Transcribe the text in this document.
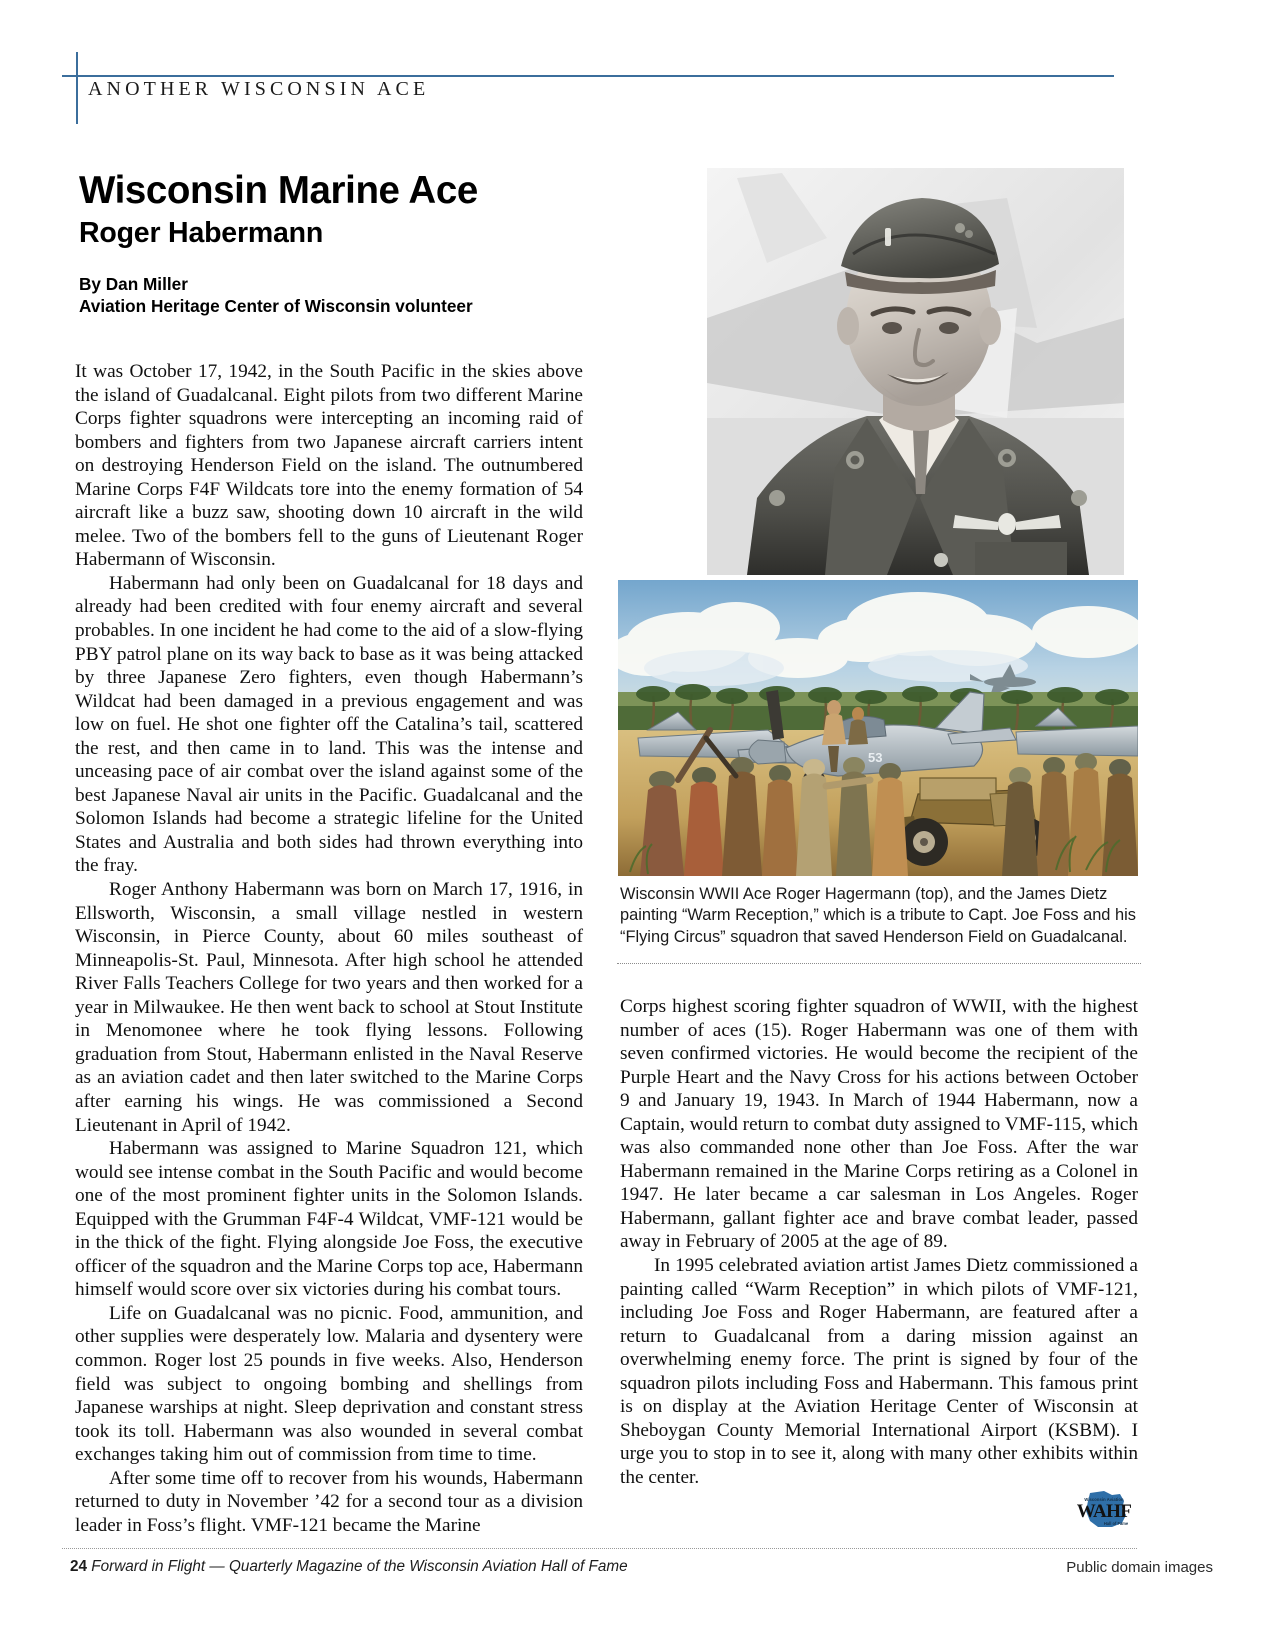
ANOTHER WISCONSIN ACE
Wisconsin Marine Ace
Roger Habermann
By Dan Miller
Aviation Heritage Center of Wisconsin volunteer
53
Wisconsin WWII Ace Roger Hagermann (top), and the James Dietz painting “Warm Reception,” which is a tribute to Capt. Joe Foss and his “Flying Circus” squadron that saved Henderson Field on Guadalcanal.

It was October 17, 1942, in the South Pacific in the skies above the island of Guadalcanal. Eight pilots from two different Marine Corps fighter squadrons were intercepting an incoming raid of bombers and fighters from two Japanese aircraft carriers intent on destroying Henderson Field on the island. The outnumbered Marine Corps F4F Wildcats tore into the enemy formation of 54 aircraft like a buzz saw, shooting down 10 aircraft in the wild melee. Two of the bombers fell to the guns of Lieutenant Roger Habermann of Wisconsin.

Habermann had only been on Guadalcanal for 18 days and already had been credited with four enemy aircraft and several probables. In one incident he had come to the aid of a slow-flying PBY patrol plane on its way back to base as it was being attacked by three Japanese Zero fighters, even though Habermann’s Wildcat had been damaged in a previous engagement and was low on fuel. He shot one fighter off the Catalina’s tail, scattered the rest, and then came in to land. This was the intense and unceasing pace of air combat over the island against some of the best Japanese Naval air units in the Pacific. Guadalcanal and the Solomon Islands had become a strategic lifeline for the United States and Australia and both sides had thrown everything into the fray.

Roger Anthony Habermann was born on March 17, 1916, in Ellsworth, Wisconsin, a small village nestled in western Wisconsin, in Pierce County, about 60 miles southeast of Minneapolis-St. Paul, Minnesota. After high school he attended River Falls Teachers College for two years and then worked for a year in Milwaukee. He then went back to school at Stout Institute in Menomonee where he took flying lessons. Following graduation from Stout, Habermann enlisted in the Naval Reserve as an aviation cadet and then later switched to the Marine Corps after earning his wings. He was commissioned a Second Lieutenant in April of 1942.

Habermann was assigned to Marine Squadron 121, which would see intense combat in the South Pacific and would become one of the most prominent fighter units in the Solomon Islands. Equipped with the Grumman F4F-4 Wildcat, VMF-121 would be in the thick of the fight. Flying alongside Joe Foss, the executive officer of the squadron and the Marine Corps top ace, Habermann himself would score over six victories during his combat tours.

Life on Guadalcanal was no picnic. Food, ammunition, and other supplies were desperately low. Malaria and dysentery were common. Roger lost 25 pounds in five weeks. Also, Henderson field was subject to ongoing bombing and shellings from Japanese warships at night. Sleep deprivation and constant stress took its toll. Habermann was also wounded in several combat exchanges taking him out of commission from time to time.

After some time off to recover from his wounds, Habermann returned to duty in November ’42 for a second tour as a division leader in Foss’s flight. VMF-121 became the Marine

Corps highest scoring fighter squadron of WWII, with the highest number of aces (15). Roger Habermann was one of them with seven confirmed victories. He would become the recipient of the Purple Heart and the Navy Cross for his actions between October 9 and January 19, 1943. In March of 1944 Habermann, now a Captain, would return to combat duty assigned to VMF-115, which was also commanded none other than Joe Foss. After the war Habermann remained in the Marine Corps retiring as a Colonel in 1947. He later became a car salesman in Los Angeles. Roger Habermann, gallant fighter ace and brave combat leader, passed away in February of 2005 at the age of 89.

In 1995 celebrated aviation artist James Dietz commissioned a painting called “Warm Reception” in which pilots of VMF-121, including Joe Foss and Roger Habermann, are featured after a return to Guadalcanal from a daring mission against an overwhelming enemy force. The print is signed by four of the squadron pilots including Foss and Habermann. This famous print is on display at the Aviation Heritage Center of Wisconsin at Sheboygan County Memorial International Airport (KSBM). I urge you to stop in to see it, along with many other exhibits within the center.

Wisconsin Aviation
WAHF
Hall of Fame
24 Forward in Flight — Quarterly Magazine of the Wisconsin Aviation Hall of Fame	Public domain images
